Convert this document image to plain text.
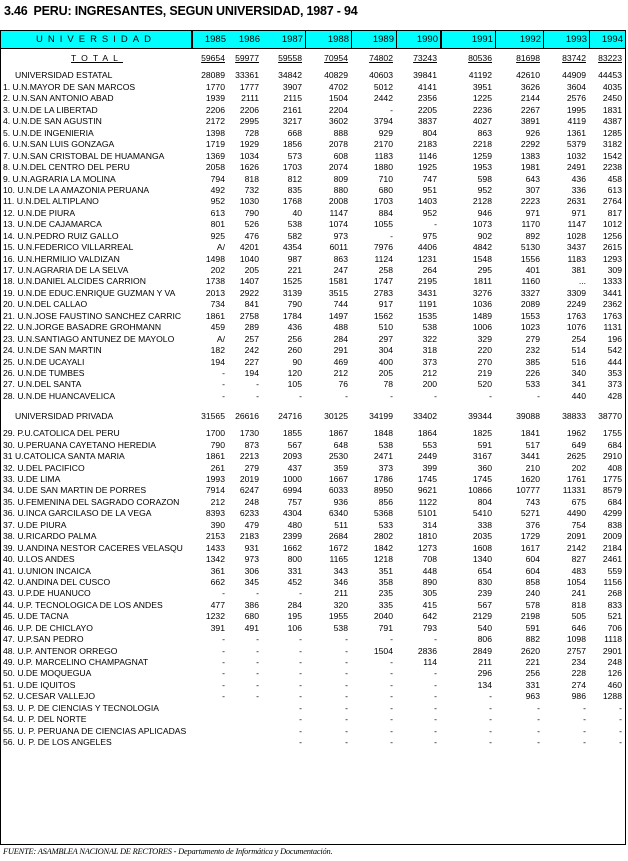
3.46 PERU: INGRESANTES, SEGUN UNIVERSIDAD, 1987 - 94
UNIVERSIDAD	1985	1986	1987	1988	1989	1990	1991	1992	1993	1994
TOTAL	59654 59977 59558	70954 74802 73243	80536	81698	83742 83223
UNIVERSIDAD ESTATAL	28089 33361 34842	40829 40603 39841	41192	42610	44909 44453
1. U.N.MAYOR DE SAN MARCOS	1770 1777	3907	4702	5012	4141	3951	3626	3604 4035
2. U.N.SAN ANTONIO ABAD	1939 2111	2115	1504	2442	2356	1225	2144	2576 2450
3. U.N.DE LA LIBERTAD	2206 2206	2161	2204	-	2205	2236	2267	1995 1831
4. U.N.DE SAN AGUSTIN	2172 2995	3217	3602	3794	3837	4027	3891	4119 4387
5. U.N.DE INGENIERIA	1398 728	668	888	929	804	863	926	1361 1285
6. U.N.SAN LUIS GONZAGA	1719 1929	1856	2078	2170	2183	2218	2292	5379 3182
7. U.N.SAN CRISTOBAL DE HUAMANGA	1369 1034	573	608	1183	1146	1259	1383	1032 1542
8. U.N.DEL CENTRO DEL PERU	2058 1626	1703	2074	1880	1925	1953	1981	2491 2238
9. U.N.AGRARIA LA MOLINA	794 818	812	809	710	747	598	643	436	458
10. U.N.DE LA AMAZONIA PERUANA	492 732	835	880	680	951	952	307	336	613
11. U.N.DEL ALTIPLANO	952 1030	1768	2008	1703	1403	2128	2223	2631 2764
12. U.N.DE PIURA	613 790	40	1147	884	952	946	971	971	817
13. U.N.DE CAJAMARCA	801 526	538	1074	1055	-	1073	1170	1147 1012
14. U.N.PEDRO RUIZ GALLO	925 476	582	973	-	975	902	892	1028 1256
15. U.N.FEDERICO VILLARREAL	A/ 4201	4354	6011	7976	4406	4842	5130	3437 2615
16. U.N.HERMILIO VALDIZAN	1498 1040	987	863	1124	1231	1548	1556	1183 1293
17. U.N.AGRARIA DE LA SELVA	202 205	221	247	258	264	295	401	381	309
18. U.N.DANIEL ALCIDES CARRION	1738 1407	1525	1581	1747	2195	1811	1160	... 1333
19. U.N.DE EDUC.ENRIQUE GUZMAN Y VA	2013 2922	3139	3515	2783	3431	3276	3327	3309 3441
20. U.N.DEL CALLAO	734 841	790	744	917	1191	1036	2089	2249 2362
21. U.N.JOSE FAUSTINO SANCHEZ CARRIC	1861 2758	1784	1497	1562	1535	1489	1553	1763 1763
22. U.N.JORGE BASADRE GROHMANN	459 289	436	488	510	538	1006	1023	1076 1131
23. U.N.SANTIAGO ANTUNEZ DE MAYOLO	A/ 257	256	284	297	322	329	279	254	196
24. U.N.DE SAN MARTIN	182 242	260	291	304	318	220	232	514	542
25. U.N.DE UCAYALI	194 227	90	469	400	373	270	385	516	444
26. U.N.DE TUMBES	- 194	120	212	205	212	219	226	340	353
27. U.N.DEL SANTA	-	-	105	76	78	200	520	533	341	373
28. U.N.DE HUANCAVELICA	-	-	-	-	-	-	-	-	440	428
UNIVERSIDAD PRIVADA	31565 26616 24716	30125 34199 33402	39344	39088	38833 38770
29. P.U.CATOLICA DEL PERU	1700 1730	1855	1867	1848	1864	1825	1841	1962 1755
30. U.PERUANA CAYETANO HEREDIA	790 873	567	648	538	553	591	517	649	684
31 U.CATOLICA SANTA MARIA	1861 2213	2093	2530	2471	2449	3167	3441	2625 2910
32. U.DEL PACIFICO	261 279	437	359	373	399	360	210	202	408
33. U.DE LIMA	1993 2019	1000	1667	1786	1745	1745	1620	1761 1775
34. U.DE SAN MARTIN DE PORRES	7914 6247	6994	6033	8950	9621	10866	10777	11331 8579
35. U.FEMENINA DEL SAGRADO CORAZON	212 248	757	936	856	1122	804	743	675	684
36. U.INCA GARCILASO DE LA VEGA	8393 6233	4304	6340	5368	5101	5410	5271	4490 4299
37. U.DE PIURA	390 479	480	511	533	314	338	376	754	838
38. U.RICARDO PALMA	2153 2183	2399	2684	2802	1810	2035	1729	2091 2009
39. U.ANDINA NESTOR CACERES VELASQU	1433 931	1662	1672	1842	1273	1608	1617	2142 2184
40. U.LOS ANDES	1342 973	800	1165	1218	708	1340	604	827 2461
41. U.UNION INCAICA	361 306	331	343	351	448	654	604	483	559
42. U.ANDINA DEL CUSCO	662 345	452	346	358	890	830	858	1054 1156
43. U.P.DE HUANUCO	-	-	-	211	235	305	239	240	241	268
44. U.P. TECNOLOGICA DE LOS ANDES	477 386	284	320	335	415	567	578	818	833
45. U.DE TACNA	1232 680	195	1955	2040	642	2129	2198	505	521
46. U.P. DE CHICLAYO	391 491	106	538	791	793	540	591	646	706
47. U.P.SAN PEDRO	-	-	-	-	-	-	806	882	1098 1118
48. U.P. ANTENOR ORREGO	-	-	-	-	1504	2836	2849	2620	2757 2901
49. U.P. MARCELINO CHAMPAGNAT	-	-	-	-	-	114	211	221	234	248
50. U.DE MOQUEGUA	-	-	-	-	-	-	296	256	228	126
51. U.DE IQUITOS	-	-	-	-	-	-	134	331	274	460
52. U.CESAR VALLEJO	-	-	-	-	-	-	-	963	986 1288
53. U. P. DE CIENCIAS Y TECNOLOGIA	-	-	-	-	-	-	-	-
54. U. P. DEL NORTE	-	-	-	-	-	-	-	-
55. U. P. PERUANA DE CIENCIAS APLICADAS	-	-	-	-	-	-	-	-
56. U. P. DE LOS ANGELES	-	-	-	-	-	-	-	-
FUENTE: ASAMBLEA NACIONAL DE RECTORES - Departamento de Informática y Documentación.
